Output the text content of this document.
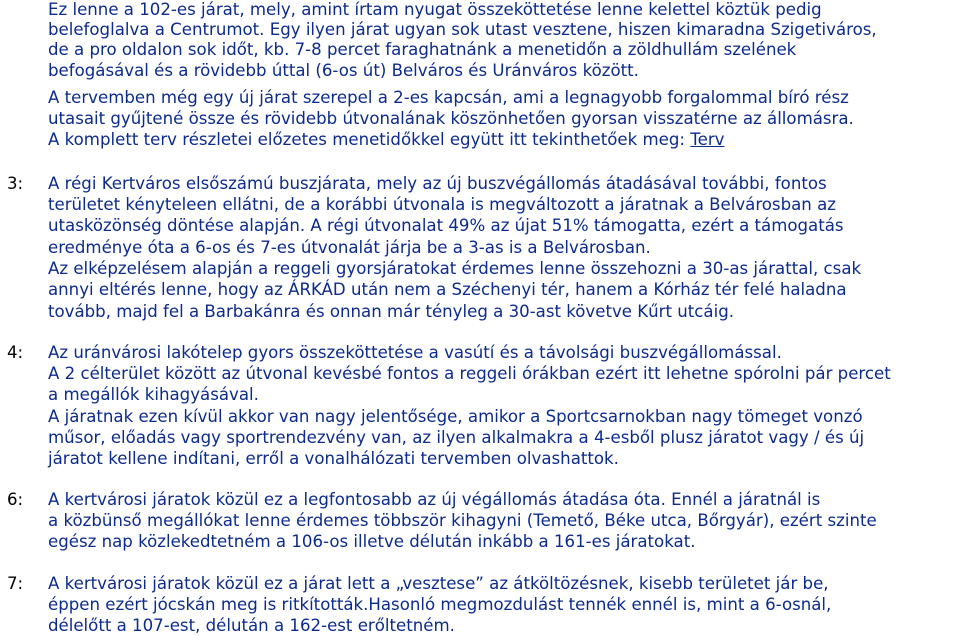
Ez lenne a 102-es járat, mely, amint írtam nyugat összeköttetése lenne kelettel köztük pedig
belefoglalva a Centrumot. Egy ilyen járat ugyan sok utast vesztene, hiszen kimaradna Szigetiváros,
de a pro oldalon sok időt, kb. 7-8 percet faraghatnánk a menetidőn a zöldhullám szelének
befogásával és a rövidebb úttal (6-os út) Belváros és Uránváros között.
A tervemben még egy új járat szerepel a 2-es kapcsán, ami a legnagyobb forgalommal bíró rész
utasait gyűjtené össze és rövidebb útvonalának köszönhetően gyorsan visszatérne az állomásra.
A komplett terv részletei előzetes menetidőkkel együtt itt tekinthetőek meg: Terv
3: A régi Kertváros elsőszámú buszjárata, mely az új buszvégállomás átadásával további, fontos
területet kényteleen ellátni, de a korábbi útvonala is megváltozott a járatnak a Belvárosban az
utasközönség döntése alapján. A régi útvonalat 49% az újat 51% támogatta, ezért a támogatás
eredménye óta a 6-os és 7-es útvonalát járja be a 3-as is a Belvárosban.
Az elképzelésem alapján a reggeli gyorsjáratokat érdemes lenne összehozni a 30-as járattal, csak
annyi eltérés lenne, hogy az ÁRKÁD után nem a Széchenyi tér, hanem a Kórház tér felé haladna
tovább, majd fel a Barbakánra és onnan már tényleg a 30-ast követve Kűrt utcáig.
4: Az uránvárosi lakótelep gyors összeköttetése a vasútí és a távolsági buszvégállomással.
A 2 célterület között az útvonal kevésbé fontos a reggeli órákban ezért itt lehetne spórolni pár percet
a megállók kihagyásával.
A járatnak ezen kívül akkor van nagy jelentősége, amikor a Sportcsarnokban nagy tömeget vonzó
műsor, előadás vagy sportrendezvény van, az ilyen alkalmakra a 4-esből plusz járatot vagy / és új
járatot kellene indítani, erről a vonalhálózati tervemben olvashattok.
6: A kertvárosi járatok közül ez a legfontosabb az új végállomás átadása óta. Ennél a járatnál is
a közbünső megállókat lenne érdemes többször kihagyni (Temető, Béke utca, Bőrgyár), ezért szinte
egész nap közlekedtetném a 106-os illetve délután inkább a 161-es járatokat.
7: A kertvárosi járatok közül ez a járat lett a „vesztese” az átköltözésnek, kisebb területet jár be,
éppen ezért jócskán meg is ritkították.Hasonló megmozdulást tennék ennél is, mint a 6-osnál,
délelőtt a 107-est, délután a 162-est erőltetném.
